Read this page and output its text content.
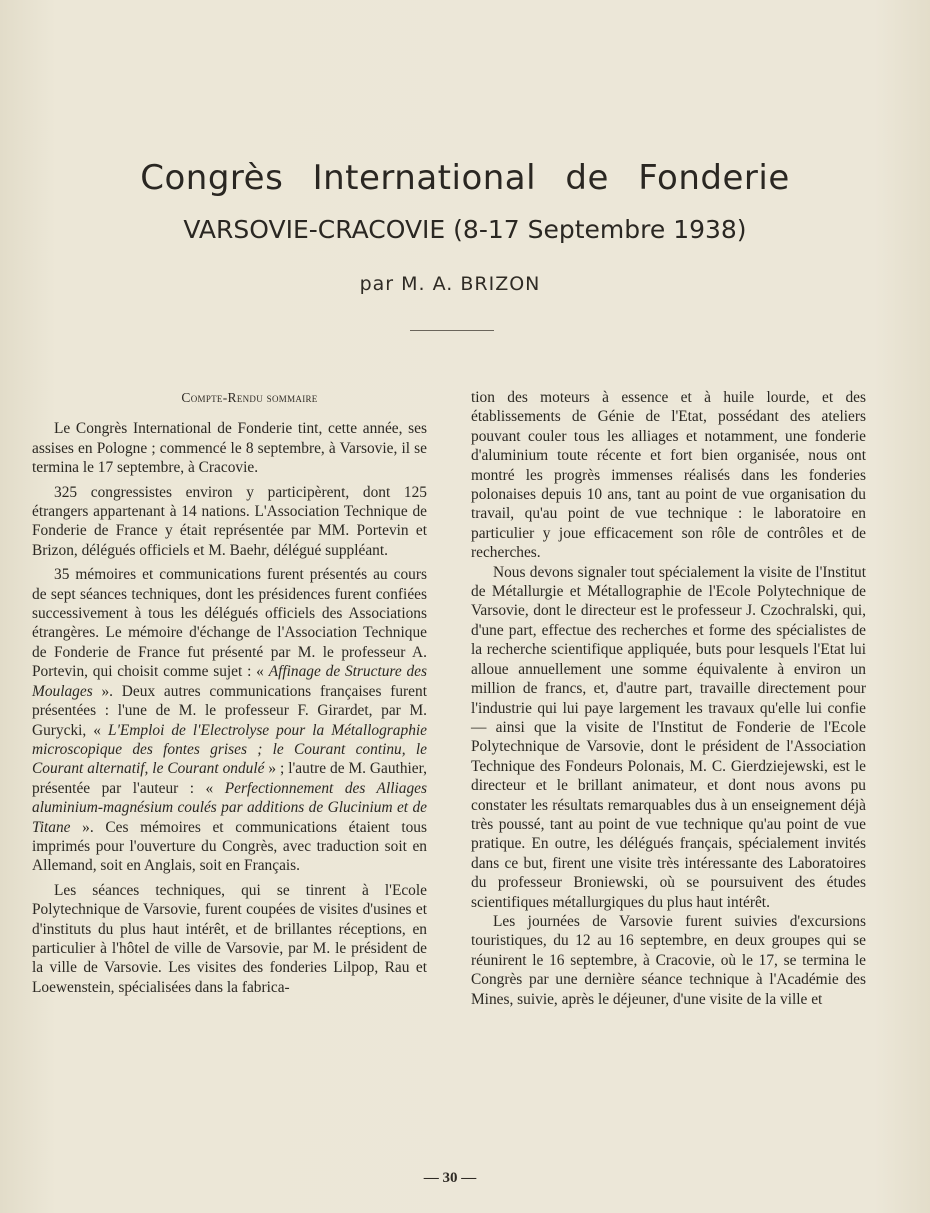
Congrès International de Fonderie
VARSOVIE-CRACOVIE (8-17 Septembre 1938)
par M. A. BRIZON
Compte-Rendu sommaire

Le Congrès International de Fonderie tint, cette année, ses assises en Pologne ; commencé le 8 septembre, à Varsovie, il se termina le 17 septembre, à Cracovie.

325 congressistes environ y participèrent, dont 125 étrangers appartenant à 14 nations. L'Association Technique de Fonderie de France y était représentée par MM. Portevin et Brizon, délégués officiels et M. Baehr, délégué suppléant.

35 mémoires et communications furent présentés au cours de sept séances techniques, dont les présidences furent confiées successivement à tous les délégués officiels des Associations étrangères. Le mémoire d'échange de l'Association Technique de Fonderie de France fut présenté par M. le professeur A. Portevin, qui choisit comme sujet : « Affinage de Structure des Moulages ». Deux autres communications françaises furent présentées : l'une de M. le professeur F. Girardet, par M. Gurycki, « L'Emploi de l'Electrolyse pour la Métallographie microscopique des fontes grises ; le Courant continu, le Courant alternatif, le Courant ondulé » ; l'autre de M. Gauthier, présentée par l'auteur : « Perfectionnement des Alliages aluminium-magnésium coulés par additions de Glucinium et de Titane ». Ces mémoires et communications étaient tous imprimés pour l'ouverture du Congrès, avec traduction soit en Allemand, soit en Anglais, soit en Français.

Les séances techniques, qui se tinrent à l'Ecole Polytechnique de Varsovie, furent coupées de visites d'usines et d'instituts du plus haut intérêt, et de brillantes réceptions, en particulier à l'hôtel de ville de Varsovie, par M. le président de la ville de Varsovie. Les visites des fonderies Lilpop, Rau et Loewenstein, spécialisées dans la fabrica-

tion des moteurs à essence et à huile lourde, et des établissements de Génie de l'Etat, possédant des ateliers pouvant couler tous les alliages et notamment, une fonderie d'aluminium toute récente et fort bien organisée, nous ont montré les progrès immenses réalisés dans les fonderies polonaises depuis 10 ans, tant au point de vue organisation du travail, qu'au point de vue technique : le laboratoire en particulier y joue efficacement son rôle de contrôles et de recherches.

Nous devons signaler tout spécialement la visite de l'Institut de Métallurgie et Métallographie de l'Ecole Polytechnique de Varsovie, dont le directeur est le professeur J. Czochralski, qui, d'une part, effectue des recherches et forme des spécialistes de la recherche scientifique appliquée, buts pour lesquels l'Etat lui alloue annuellement une somme équivalente à environ un million de francs, et, d'autre part, travaille directement pour l'industrie qui lui paye largement les travaux qu'elle lui confie — ainsi que la visite de l'Institut de Fonderie de l'Ecole Polytechnique de Varsovie, dont le président de l'Association Technique des Fondeurs Polonais, M. C. Gierdziejewski, est le directeur et le brillant animateur, et dont nous avons pu constater les résultats remarquables dus à un enseignement déjà très poussé, tant au point de vue technique qu'au point de vue pratique. En outre, les délégués français, spécialement invités dans ce but, firent une visite très intéressante des Laboratoires du professeur Broniewski, où se poursuivent des études scientifiques métallurgiques du plus haut intérêt.

Les journées de Varsovie furent suivies d'excursions touristiques, du 12 au 16 septembre, en deux groupes qui se réunirent le 16 septembre, à Cracovie, où le 17, se termina le Congrès par une dernière séance technique à l'Académie des Mines, suivie, après le déjeuner, d'une visite de la ville et

— 30 —
